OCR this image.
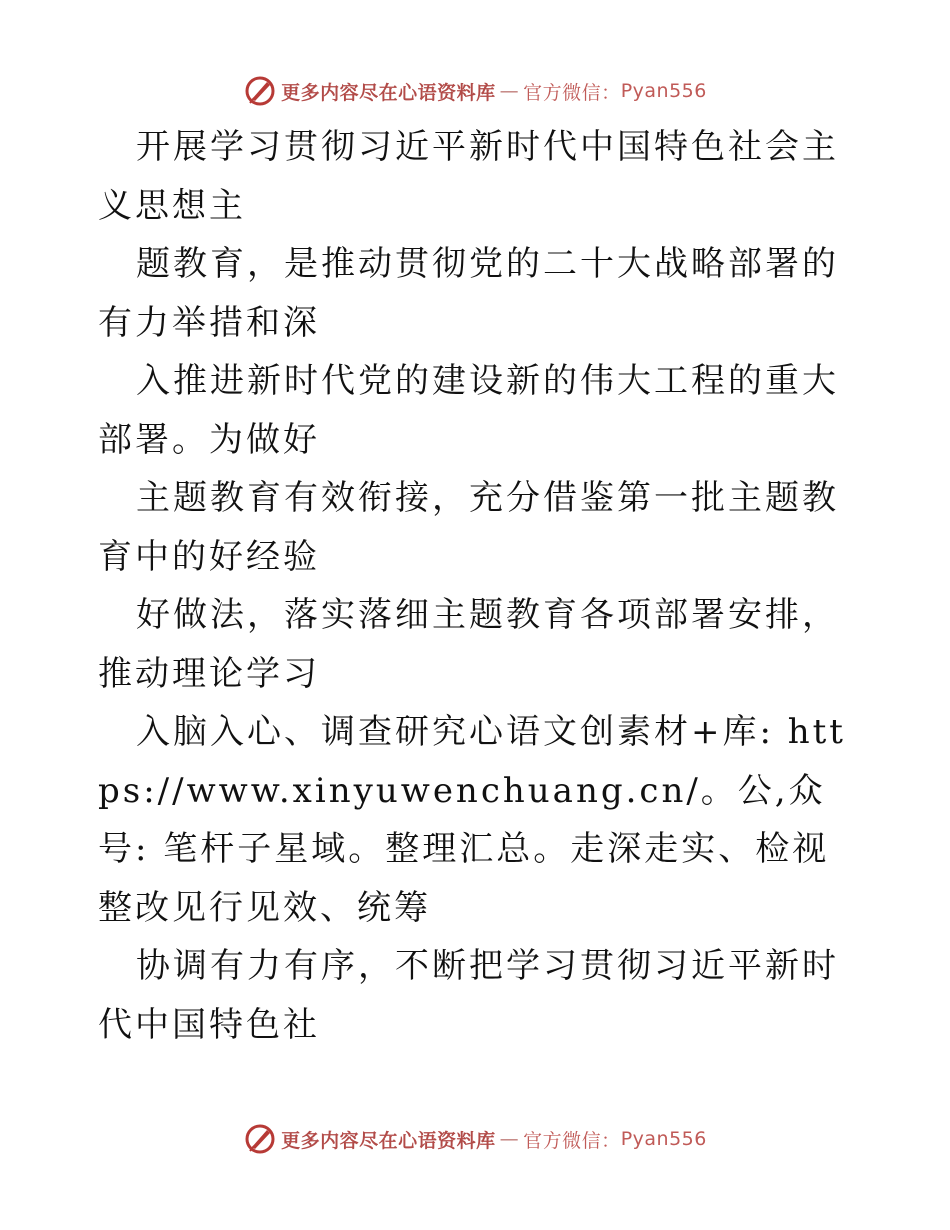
更多内容尽在心语资料库 — 官方微信： Pyan556

开展学习贯彻习近平新时代中国特色社会主义思想主

题教育，是推动贯彻党的二十大战略部署的有力举措和深

入推进新时代党的建设新的伟大工程的重大部署。为做好

主题教育有效衔接，充分借鉴第一批主题教育中的好经验

好做法，落实落细主题教育各项部署安排，推动理论学习

入脑入心、调查研究心语文创素材+库: https://www.xinyuwenchuang.cn/。公,众号: 笔杆子星域。整理汇总。走深走实、检视整改见行见效、统筹

协调有力有序，不断把学习贯彻习近平新时代中国特色社

更多内容尽在心语资料库 — 官方微信： Pyan556
